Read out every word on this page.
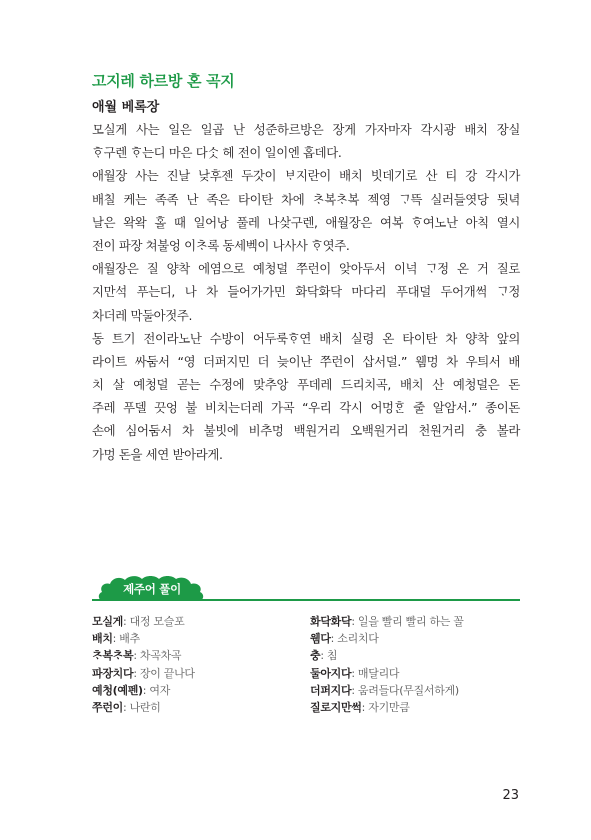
고지레 하르방 혼 곡지
애월 베록장
모실게 사는 일은 일곱 난 성준하르방은 장게 가자마자 각시광 배치 장실
ᄒᆞ구렌 ᄒᆞ는디 마은 다ᄉᆞᆺ 헤 전이 일이엔 홉데다.
애월장 사는 진날 낮후젠 두갓이 ᄇᆞ지란이 배치 빗데기로 산 티 강 각시가
배칠 케는 족족 난 족은 타이탄 차에 ᄎᆞ복ᄎᆞ복 젝영 ᄀᆞ뜩 실러들엿당 뒷녁
날은 왁왁 홀 때 일어낭 풀레 나샂구렌, 애월장은 여복 ᄒᆞ여노난 아칙 열시
전이 파장 쳐불엉 이ᄎᆞ록 동세벡이 나사사 ᄒᆞ엿주.
애월장은 질 양착 에염으로 예청덜 쭈런이 앚아두서 이넉 ᄀᆞ정 온 거 질로
지만석 푸는디, 나 차 들어가가민 화닥화닥 마다리 푸대덜 두어개썩 ᄀᆞ정
차더레 막둘아젓주.
동 트기 전이라노난 수방이 어두룩ᄒᆞ연 배치 실령 온 타이탄 차 양착 앞의
라이트 싸둠서 “영 더퍼지민 더 늦이난 쭈런이 삽서덜.” 웸멍 차 우틔서 배
치 살 예청덜 곧는 수정에 맞추앙 푸데레 드리치곡, 배치 산 예청덜은 돈
주레 푸델 끗엉 불 비치는더레 가곡 “우리 각시 어멍ᄒᆞᆫ 줄 알암서.” 종이돈
손에 심어둠서 차 불빗에 비추멍 백원거리 오백원거리 천원거리 충 볼라
가멍 돈을 세연 받아라게.
제주어 풀이
모실게: 대정 모슬포
배치: 배추
ᄎᆞ복ᄎᆞ복: 차곡차곡
파장치다: 장이 끝나다
예청(예펜): 여자
쭈런이: 나란히
화닥화닥: 일을 빨리 빨리 하는 꼴
웸다: 소리치다
충: 침
둘아지다: 매달리다
더퍼지다: 움려들다(무질서하게)
질로지만썩: 자기만큼
23
